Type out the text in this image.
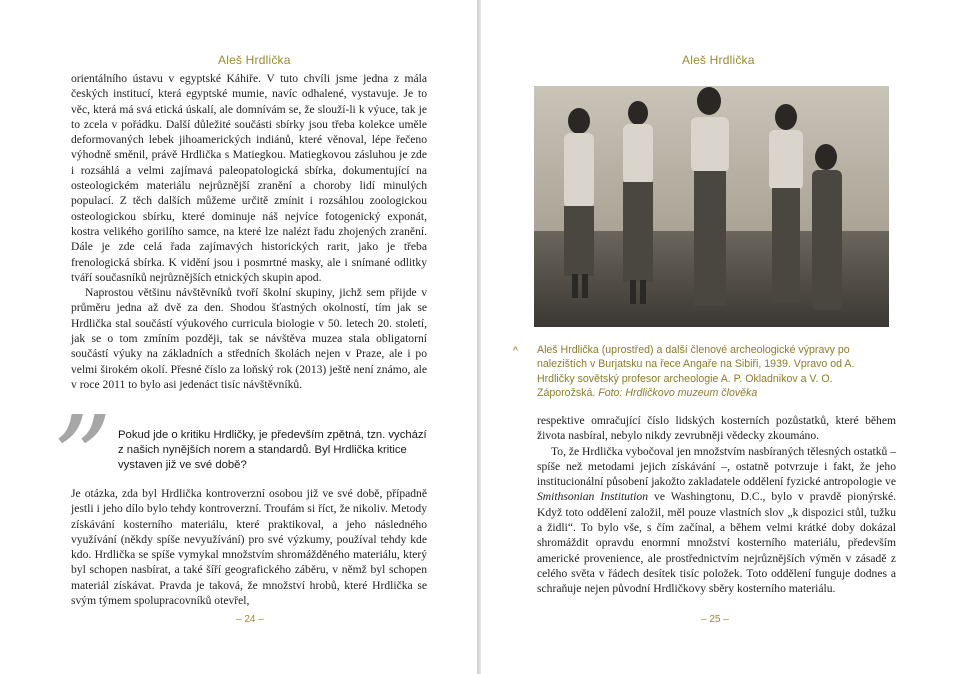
Aleš Hrdlička

orientálního ústavu v egyptské Káhiře. V tuto chvíli jsme jedna z mála českých institucí, která egyptské mumie, navíc odhalené, vystavuje. Je to věc, která má svá etická úskalí, ale domnívám se, že slouží-li k výuce, tak je to zcela v pořádku. Další důležité součásti sbírky jsou třeba kolekce uměle deformovaných lebek jihoamerických indiánů, které věnoval, lépe řečeno výhodně směnil, právě Hrdlička s Matiegkou. Matiegkovou zásluhou je zde i rozsáhlá a velmi zajímavá paleopatologická sbírka, dokumentující na osteologickém materiálu nejrůznější zranění a choroby lidí minulých populací. Z těch dalších můžeme určitě zmínit i rozsáhlou zoologickou osteologickou sbírku, které dominuje náš nejvíce fotogenický exponát, kostra velikého gorilího samce, na které lze nalézt řadu zhojených zranění. Dále je zde celá řada zajímavých historických rarit, jako je třeba frenologická sbírka. K vidění jsou i posmrtné masky, ale i snímané odlitky tváří současníků nejrůznějších etnických skupin apod.

Naprostou většinu návštěvníků tvoří školní skupiny, jichž sem přijde v průměru jedna až dvě za den. Shodou šťastných okolností, tím jak se Hrdlička stal součástí výukového curricula biologie v 50. letech 20. století, jak se o tom zmíním později, tak se návštěva muzea stala obligatorní součástí výuky na základních a středních školách nejen v Praze, ale i po velmi širokém okolí. Přesné číslo za loňský rok (2013) ještě není známo, ale v roce 2011 to bylo asi jedenáct tisíc návštěvníků.

” Pokud jde o kritiku Hrdličky, je především zpětná, tzn. vychází z našich nynějších norem a standardů. Byl Hrdlička kritice vystaven již ve své době?

Je otázka, zda byl Hrdlička kontroverzní osobou již ve své době, případně jestli i jeho dílo bylo tehdy kontroverzní. Troufám si říct, že nikoliv. Metody získávání kosterního materiálu, které praktikoval, a jeho následného využívání (někdy spíše nevyužívání) pro své výzkumy, používal tehdy kde kdo. Hrdlička se spíše vymykal množstvím shromážděného materiálu, který byl schopen nasbírat, a také šíří geografického záběru, v němž byl schopen materiál získávat. Pravda je taková, že množství hrobů, které Hrdlička se svým týmem spolupracovníků otevřel,

– 24 –
Aleš Hrdlička
^ Aleš Hrdlička (uprostřed) a další členové archeologické výpravy po nalezištích v Burjatsku na řece Angaře na Sibiři, 1939. Vpravo od A. Hrdličky sovětský profesor archeologie A. P. Okladnikov a V. O. Záporožská. Foto: Hrdličkovo muzeum člověka

respektive omračující číslo lidských kosterních pozůstatků, které během života nasbíral, nebylo nikdy zevrubněji vědecky zkoumáno.

To, že Hrdlička vybočoval jen množstvím nasbíraných tělesných ostatků – spíše než metodami jejich získávání –, ostatně potvrzuje i fakt, že jeho institucionální působení jakožto zakladatele oddělení fyzické antropologie ve Smithsonian Institution ve Washingtonu, D.C., bylo v pravdě pionýrské. Když toto oddělení založil, měl pouze vlastních slov „k dispozici stůl, tužku a židli“. To bylo vše, s čím začínal, a během velmi krátké doby dokázal shromáždit opravdu enormní množství kosterního materiálu, především americké provenience, ale prostřednictvím nejrůznějších výměn v zásadě z celého světa v řádech desítek tisíc položek. Toto oddělení funguje dodnes a schraňuje nejen původní Hrdličkovy sběry kosterního materiálu.

– 25 –
